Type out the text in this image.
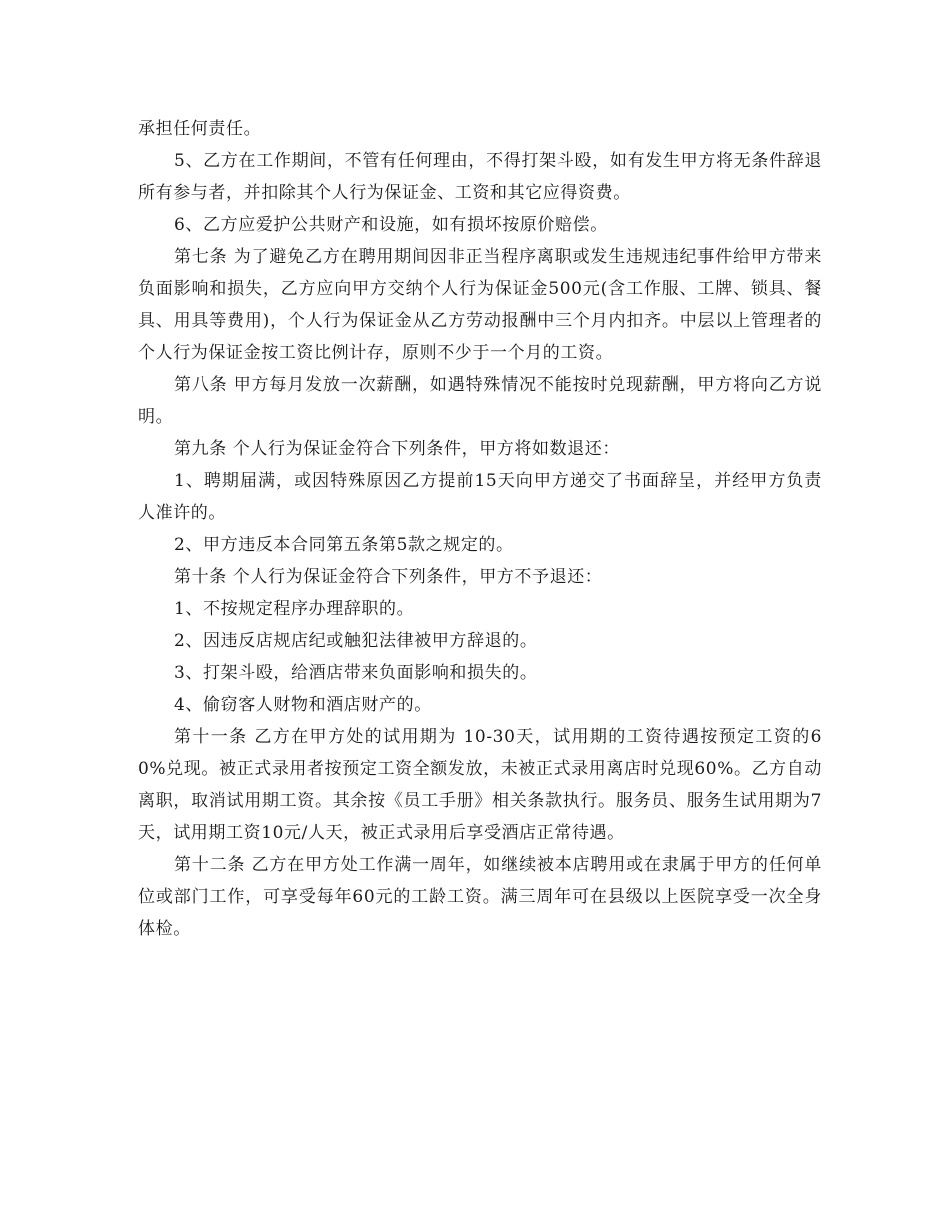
承担任何责任。

5、乙方在工作期间，不管有任何理由，不得打架斗殴，如有发生甲方将无条件辞退所有参与者，并扣除其个人行为保证金、工资和其它应得资费。

6、乙方应爱护公共财产和设施，如有损坏按原价赔偿。

第七条 为了避免乙方在聘用期间因非正当程序离职或发生违规违纪事件给甲方带来负面影响和损失，乙方应向甲方交纳个人行为保证金500元(含工作服、工牌、锁具、餐具、用具等费用)，个人行为保证金从乙方劳动报酬中三个月内扣齐。中层以上管理者的个人行为保证金按工资比例计存，原则不少于一个月的工资。

第八条 甲方每月发放一次薪酬，如遇特殊情况不能按时兑现薪酬，甲方将向乙方说明。

第九条 个人行为保证金符合下列条件，甲方将如数退还：

1、聘期届满，或因特殊原因乙方提前15天向甲方递交了书面辞呈，并经甲方负责人准许的。

2、甲方违反本合同第五条第5款之规定的。

第十条 个人行为保证金符合下列条件，甲方不予退还：

1、不按规定程序办理辞职的。

2、因违反店规店纪或触犯法律被甲方辞退的。

3、打架斗殴，给酒店带来负面影响和损失的。

4、偷窃客人财物和酒店财产的。

第十一条 乙方在甲方处的试用期为 10-30天，试用期的工资待遇按预定工资的60%兑现。被正式录用者按预定工资全额发放，未被正式录用离店时兑现60%。乙方自动离职，取消试用期工资。其余按《员工手册》相关条款执行。服务员、服务生试用期为7天，试用期工资10元/人天，被正式录用后享受酒店正常待遇。

第十二条 乙方在甲方处工作满一周年，如继续被本店聘用或在隶属于甲方的任何单位或部门工作，可享受每年60元的工龄工资。满三周年可在县级以上医院享受一次全身体检。
